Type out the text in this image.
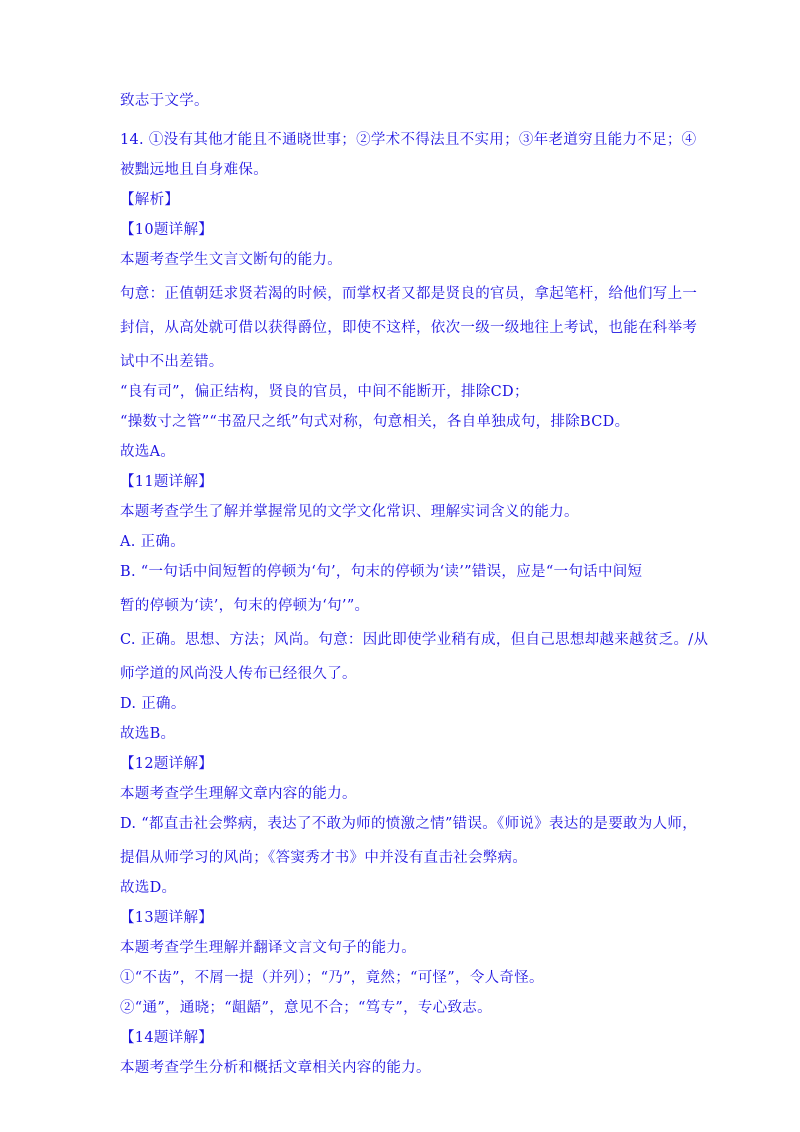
致志于文学。

14. ①没有其他才能且不通晓世事；②学术不得法且不实用；③年老道穷且能力不足；④

被黜远地且自身难保。

【解析】

【10题详解】

本题考查学生文言文断句的能力。

句意：正值朝廷求贤若渴的时候，而掌权者又都是贤良的官员，拿起笔杆，给他们写上一

封信，从高处就可借以获得爵位，即使不这样，依次一级一级地往上考试，也能在科举考

试中不出差错。

“良有司”，偏正结构，贤良的官员，中间不能断开，排除CD；

“操数寸之管”“书盈尺之纸”句式对称，句意相关，各自单独成句，排除BCD。

故选A。

【11题详解】

本题考查学生了解并掌握常见的文学文化常识、理解实词含义的能力。

A. 正确。

B. “一句话中间短暂的停顿为‘句’，句末的停顿为‘读’”错误，应是“一句话中间短

暂的停顿为‘读’，句末的停顿为‘句’”。

C. 正确。思想、方法；风尚。句意：因此即使学业稍有成，但自己思想却越来越贫乏。/从

师学道的风尚没人传布已经很久了。

D. 正确。

故选B。

【12题详解】

本题考查学生理解文章内容的能力。

D. “都直击社会弊病，表达了不敢为师的愤激之情”错误。《师说》表达的是要敢为人师，

提倡从师学习的风尚；《答窦秀才书》中并没有直击社会弊病。

故选D。

【13题详解】

本题考查学生理解并翻译文言文句子的能力。

①“不齿”，不屑一提（并列）；“乃”，竟然；“可怪”，令人奇怪。

②“通”，通晓；“龃龉”，意见不合；“笃专”，专心致志。

【14题详解】

本题考查学生分析和概括文章相关内容的能力。
